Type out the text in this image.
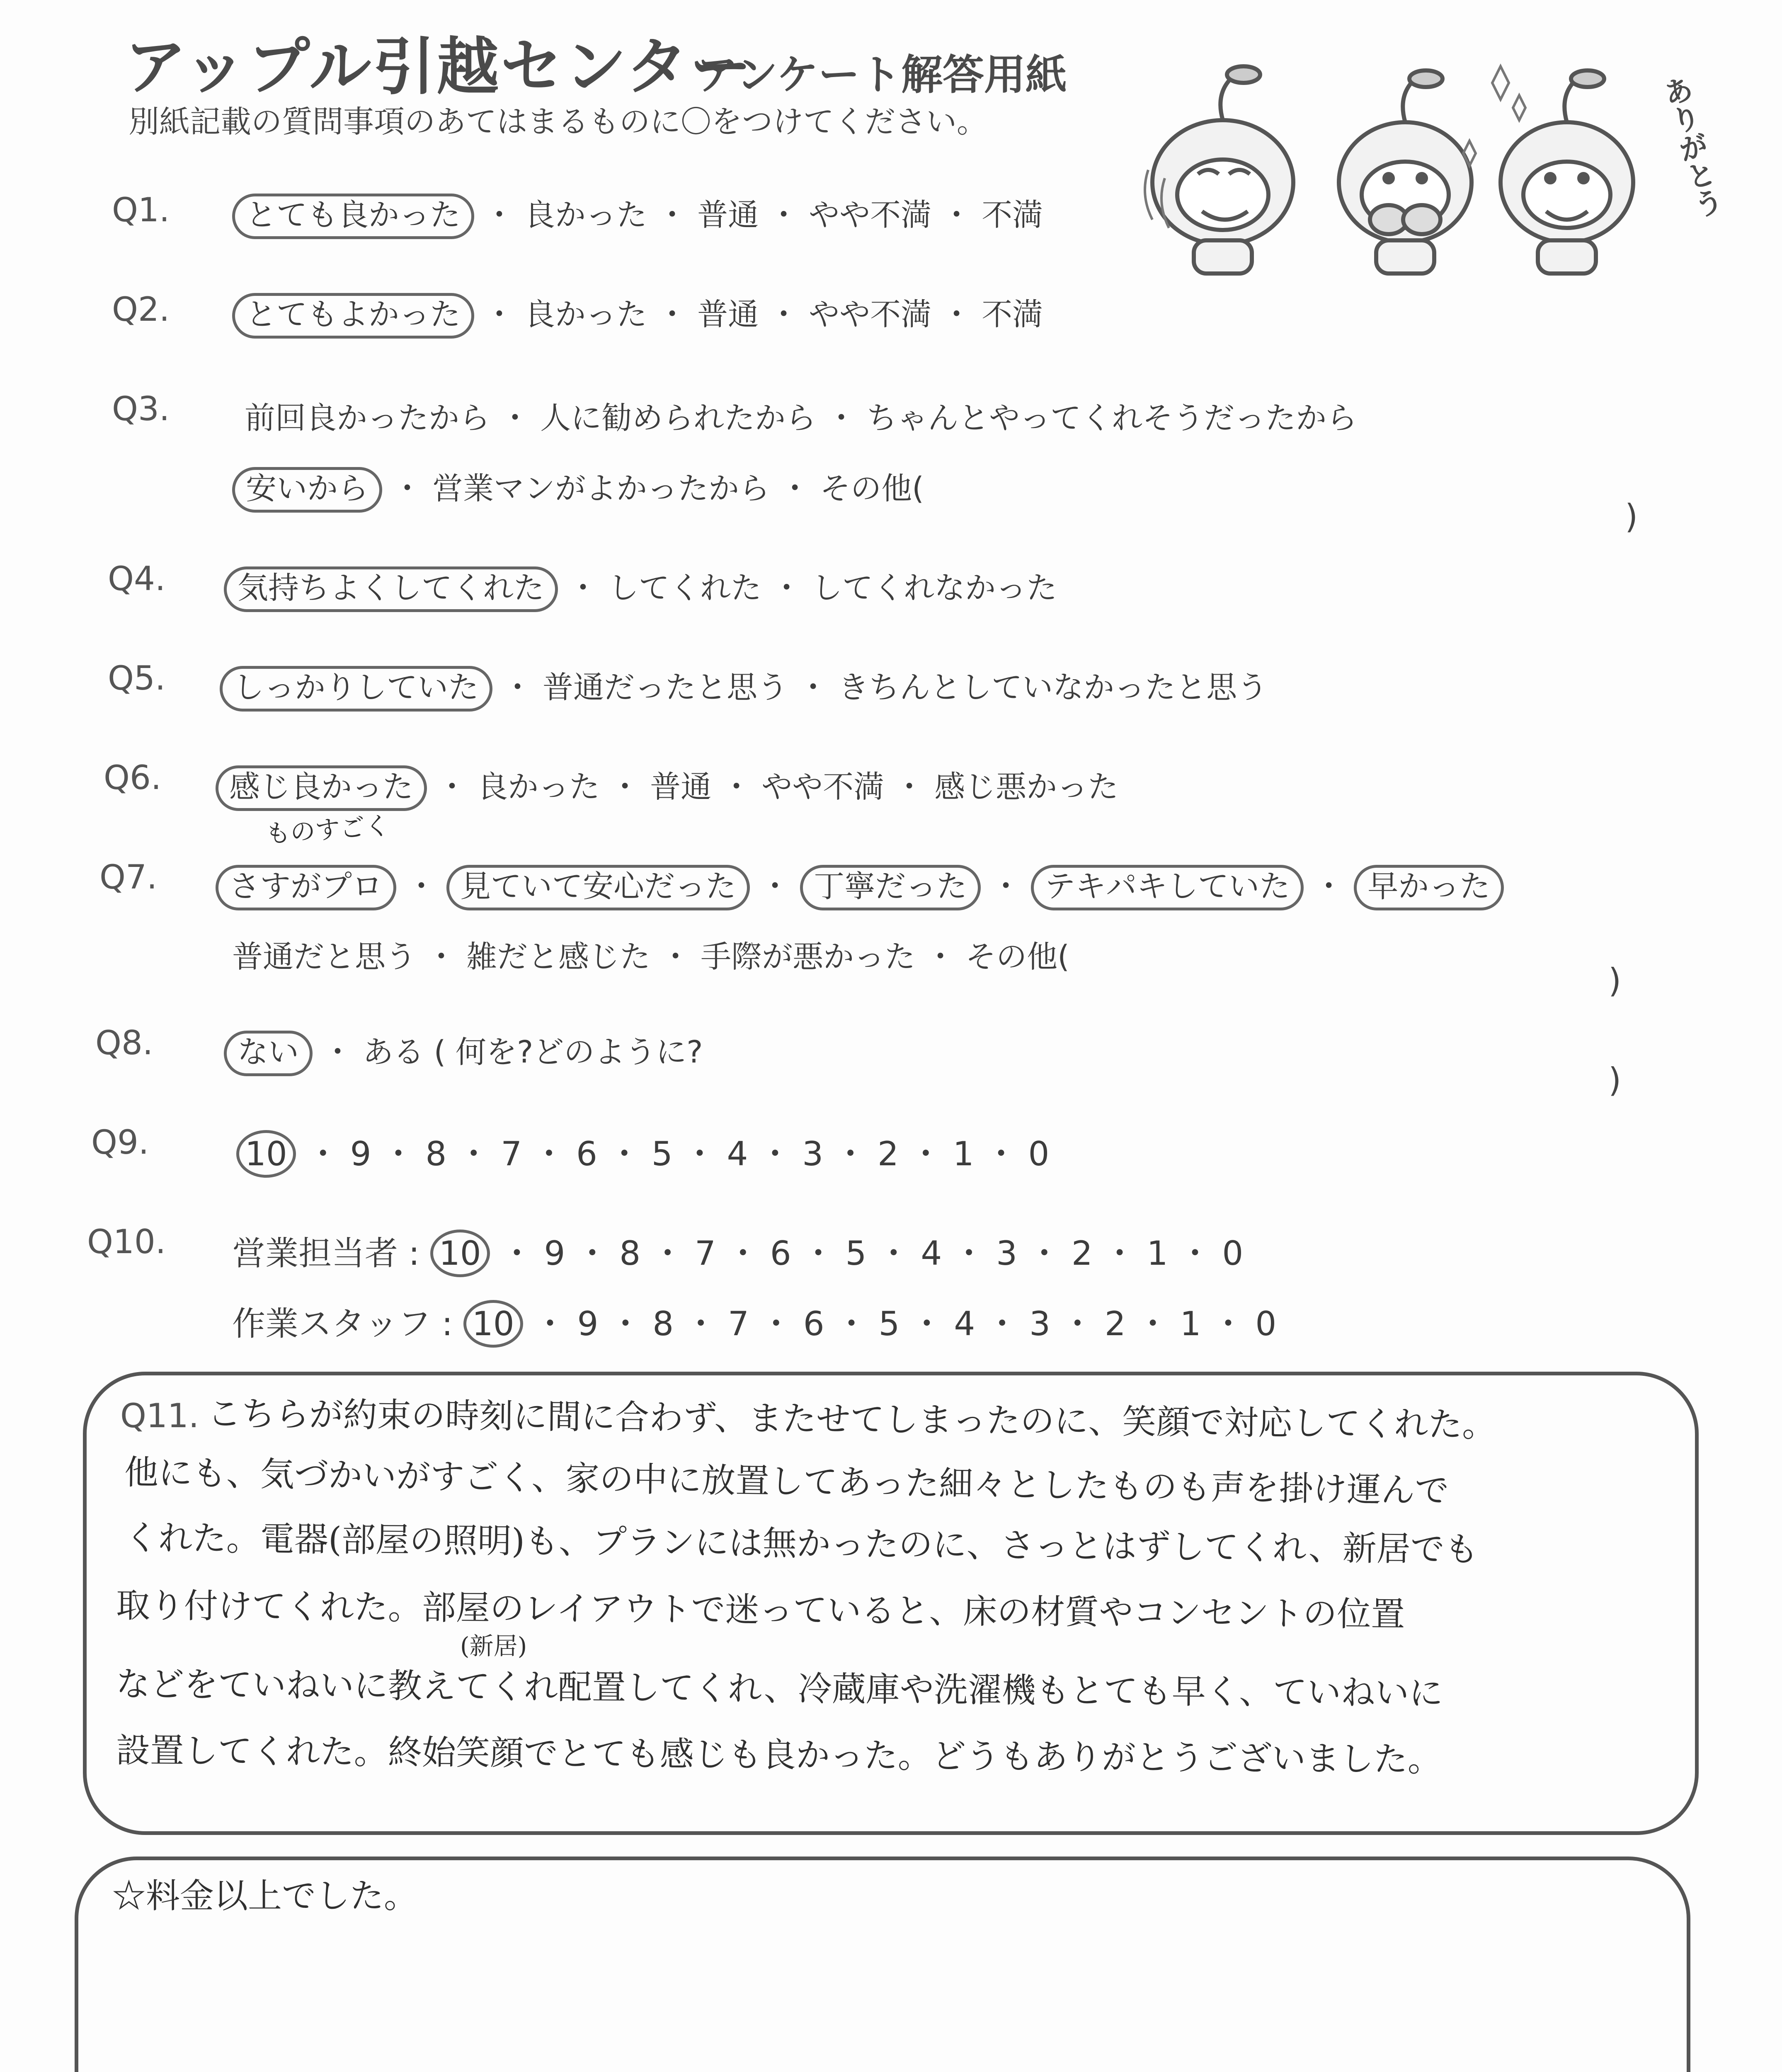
アップル引越センター
アンケート解答用紙
別紙記載の質問事項のあてはまるものに〇をつけてください。	ありがとう
Q1.	とても良かった ・ 良かった ・ 普通 ・ やや不満 ・ 不満
Q2.	とてもよかった ・ 良かった ・ 普通 ・ やや不満 ・ 不満
Q3. 前回良かったから ・ 人に勧められたから ・ ちゃんとやってくれそうだったから
安いから ・ 営業マンがよかったから ・ その他(
)
Q4.	気持ちよくしてくれた ・ してくれた ・ してくれなかった
Q5.	しっかりしていた ・ 普通だったと思う ・ きちんとしていなかったと思う
Q6.	感じ良かった ・ 良かった ・ 普通 ・ やや不満 ・ 感じ悪かった
ものすごく
Q7.	さすがプロ ・ 見ていて安心だった ・ 丁寧だった ・ テキパキしていた ・ 早かった
普通だと思う ・ 雑だと感じた ・ 手際が悪かった ・ その他(
)
Q8.	ない ・ ある ( 何を?どのように?
)
Q9.	10 ・ 9 ・ 8 ・ 7 ・ 6 ・ 5 ・ 4 ・ 3 ・ 2 ・ 1 ・ 0
Q10. 営業担当者 : 10 ・ 9 ・ 8 ・ 7 ・ 6 ・ 5 ・ 4 ・ 3 ・ 2 ・ 1 ・ 0
作業スタッフ : 10 ・ 9 ・ 8 ・ 7 ・ 6 ・ 5 ・ 4 ・ 3 ・ 2 ・ 1 ・ 0
Q11. こちらが約束の時刻に間に合わず、またせてしまったのに、笑顔で対応してくれた。
他にも、気づかいがすごく、家の中に放置してあった細々としたものも声を掛け運んで
くれた。電器(部屋の照明)も、プランには無かったのに、さっとはずしてくれ、新居でも
取り付けてくれた。部屋のレイアウトで迷っていると、床の材質やコンセントの位置
(新居)
などをていねいに教えてくれ配置してくれ、冷蔵庫や洗濯機もとても早く、ていねいに
設置してくれた。終始笑顔でとても感じも良かった。どうもありがとうございました。
☆料金以上でした。
